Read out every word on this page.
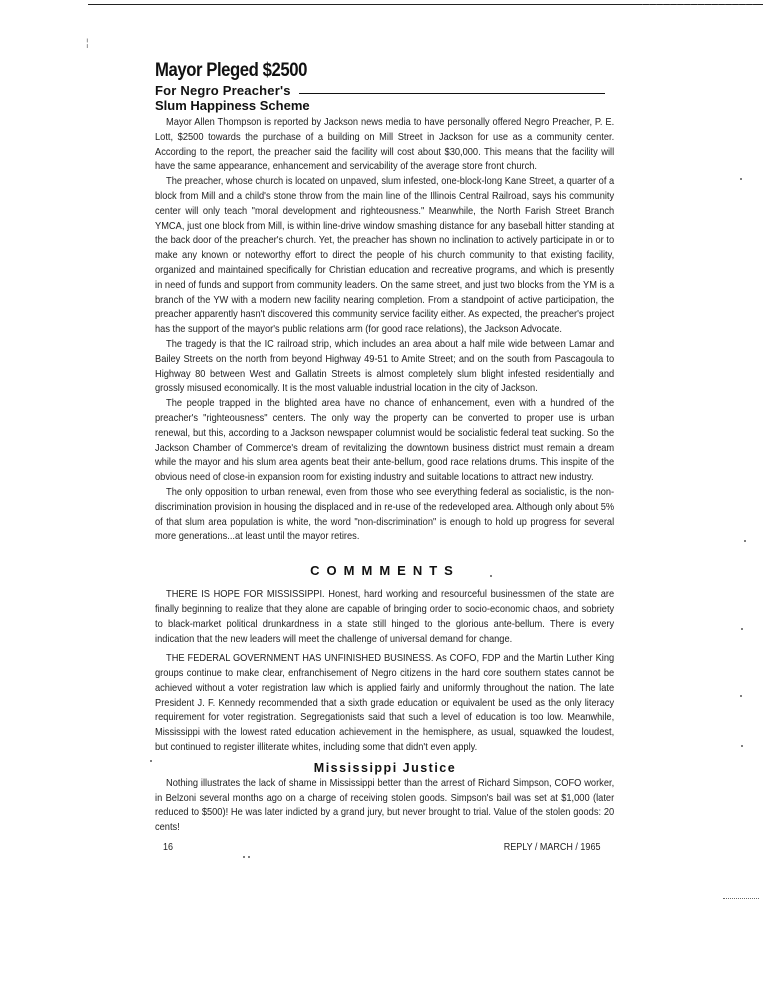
· · · · · · · · · · · · · · · · ·
¦
Mayor Pleged $2500
For Negro Preacher's
Slum Happiness Scheme

Mayor Allen Thompson is reported by Jackson news media to have personally offered Negro Preacher, P. E. Lott, $2500 towards the purchase of a building on Mill Street in Jackson for use as a community center. According to the report, the preacher said the facility will cost about $30,000. This means that the facility will have the same appearance, enhancement and servicability of the average store front church.

The preacher, whose church is located on unpaved, slum infested, one-block-long Kane Street, a quarter of a block from Mill and a child's stone throw from the main line of the Illinois Central Railroad, says his community center will only teach "moral development and righteousness." Meanwhile, the North Farish Street Branch YMCA, just one block from Mill, is within line-drive window smashing distance for any baseball hitter standing at the back door of the preacher's church. Yet, the preacher has shown no inclination to actively participate in or to make any known or noteworthy effort to direct the people of his church community to that existing facility, organized and maintained specifically for Christian education and recreative programs, and which is presently in need of funds and support from community leaders. On the same street, and just two blocks from the YM is a branch of the YW with a modern new facility nearing completion. From a standpoint of active participation, the preacher apparently hasn't discovered this community service facility either. As expected, the preacher's project has the support of the mayor's public relations arm (for good race relations), the Jackson Advocate.

The tragedy is that the IC railroad strip, which includes an area about a half mile wide between Lamar and Bailey Streets on the north from beyond Highway 49-51 to Amite Street; and on the south from Pascagoula to Highway 80 between West and Gallatin Streets is almost completely slum blight infested residentially and grossly misused economically. It is the most valuable industrial location in the city of Jackson.

The people trapped in the blighted area have no chance of enhancement, even with a hundred of the preacher's "righteousness" centers. The only way the property can be converted to proper use is urban renewal, but this, according to a Jackson newspaper columnist would be socialistic federal teat sucking. So the Jackson Chamber of Commerce's dream of revitalizing the downtown business district must remain a dream while the mayor and his slum area agents beat their ante-bellum, good race relations drums. This inspite of the obvious need of close-in expansion room for existing industry and suitable locations to attract new industry.

The only opposition to urban renewal, even from those who see everything federal as socialistic, is the non-discrimination provision in housing the displaced and in re-use of the redeveloped area. Although only about 5% of that slum area population is white, the word "non-discrimination" is enough to hold up progress for several more generations...at least until the mayor retires.

COMMMENTS

THERE IS HOPE FOR MISSISSIPPI. Honest, hard working and resourceful businessmen of the state are finally beginning to realize that they alone are capable of bringing order to socio-economic chaos, and sobriety to black-market political drunkardness in a state still hinged to the glorious ante-bellum. There is every indication that the new leaders will meet the challenge of universal demand for change.

THE FEDERAL GOVERNMENT HAS UNFINISHED BUSINESS. As COFO, FDP and the Martin Luther King groups continue to make clear, enfranchisement of Negro citizens in the hard core southern states cannot be achieved without a voter registration law which is applied fairly and uniformly throughout the nation. The late President J. F. Kennedy recommended that a sixth grade education or equivalent be used as the only literacy requirement for voter registration. Segregationists said that such a level of education is too low. Meanwhile, Mississippi with the lowest rated education achievement in the hemisphere, as usual, squawked the loudest, but continued to register illiterate whites, including some that didn't even apply.

Mississippi Justice

Nothing illustrates the lack of shame in Mississippi better than the arrest of Richard Simpson, COFO worker, in Belzoni several months ago on a charge of receiving stolen goods. Simpson's bail was set at $1,000 (later reduced to $500)! He was later indicted by a grand jury, but never brought to trial. Value of the stolen goods: 20 cents!

16	REPLY / MARCH / 1965
